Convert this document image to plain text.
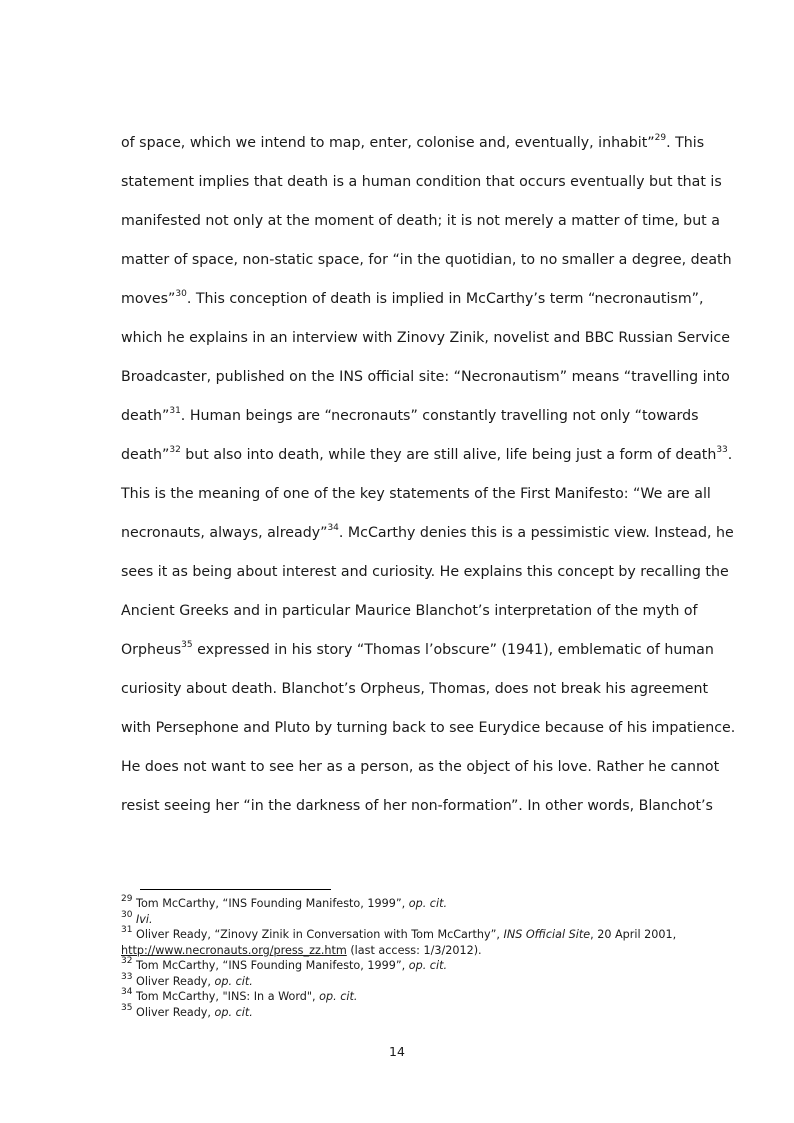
of space, which we intend to map, enter, colonise and, eventually, inhabit”$^{29}$. This
statement implies that death is a human condition that occurs eventually but that is
manifested not only at the moment of death; it is not merely a matter of time, but a
matter of space, non-static space, for “in the quotidian, to no smaller a degree, death
moves”$^{30}$. This conception of death is implied in McCarthy’s term “necronautism”,
which he explains in an interview with Zinovy Zinik, novelist and BBC Russian Service
Broadcaster, published on the INS official site: “Necronautism” means “travelling into
death”$^{31}$. Human beings are “necronauts” constantly travelling not only “towards
death”$^{32}$ but also into death, while they are still alive, life being just a form of death$^{33}$.
This is the meaning of one of the key statements of the First Manifesto: “We are all
necronauts, always, already”$^{34}$. McCarthy denies this is a pessimistic view. Instead, he
sees it as being about interest and curiosity. He explains this concept by recalling the
Ancient Greeks and in particular Maurice Blanchot’s interpretation of the myth of
Orpheus$^{35}$ expressed in his story “Thomas l’obscure” (1941), emblematic of human
curiosity about death. Blanchot’s Orpheus, Thomas, does not break his agreement
with Persephone and Pluto by turning back to see Eurydice because of his impatience.
He does not want to see her as a person, as the object of his love. Rather he cannot
resist seeing her “in the darkness of her non-formation”. In other words, Blanchot’s
$^{29}$ Tom McCarthy, “INS Founding Manifesto, 1999”, op. cit.
$^{30}$ Ivi.
$^{31}$ Oliver Ready, “Zinovy Zinik in Conversation with Tom McCarthy”, INS Official Site, 20 April 2001,
http://www.necronauts.org/press_zz.htm (last access: 1/3/2012).
$^{32}$ Tom McCarthy, “INS Founding Manifesto, 1999”, op. cit.
$^{33}$ Oliver Ready, op. cit.
$^{34}$ Tom McCarthy, "INS: In a Word", op. cit.
$^{35}$ Oliver Ready, op. cit.
14
